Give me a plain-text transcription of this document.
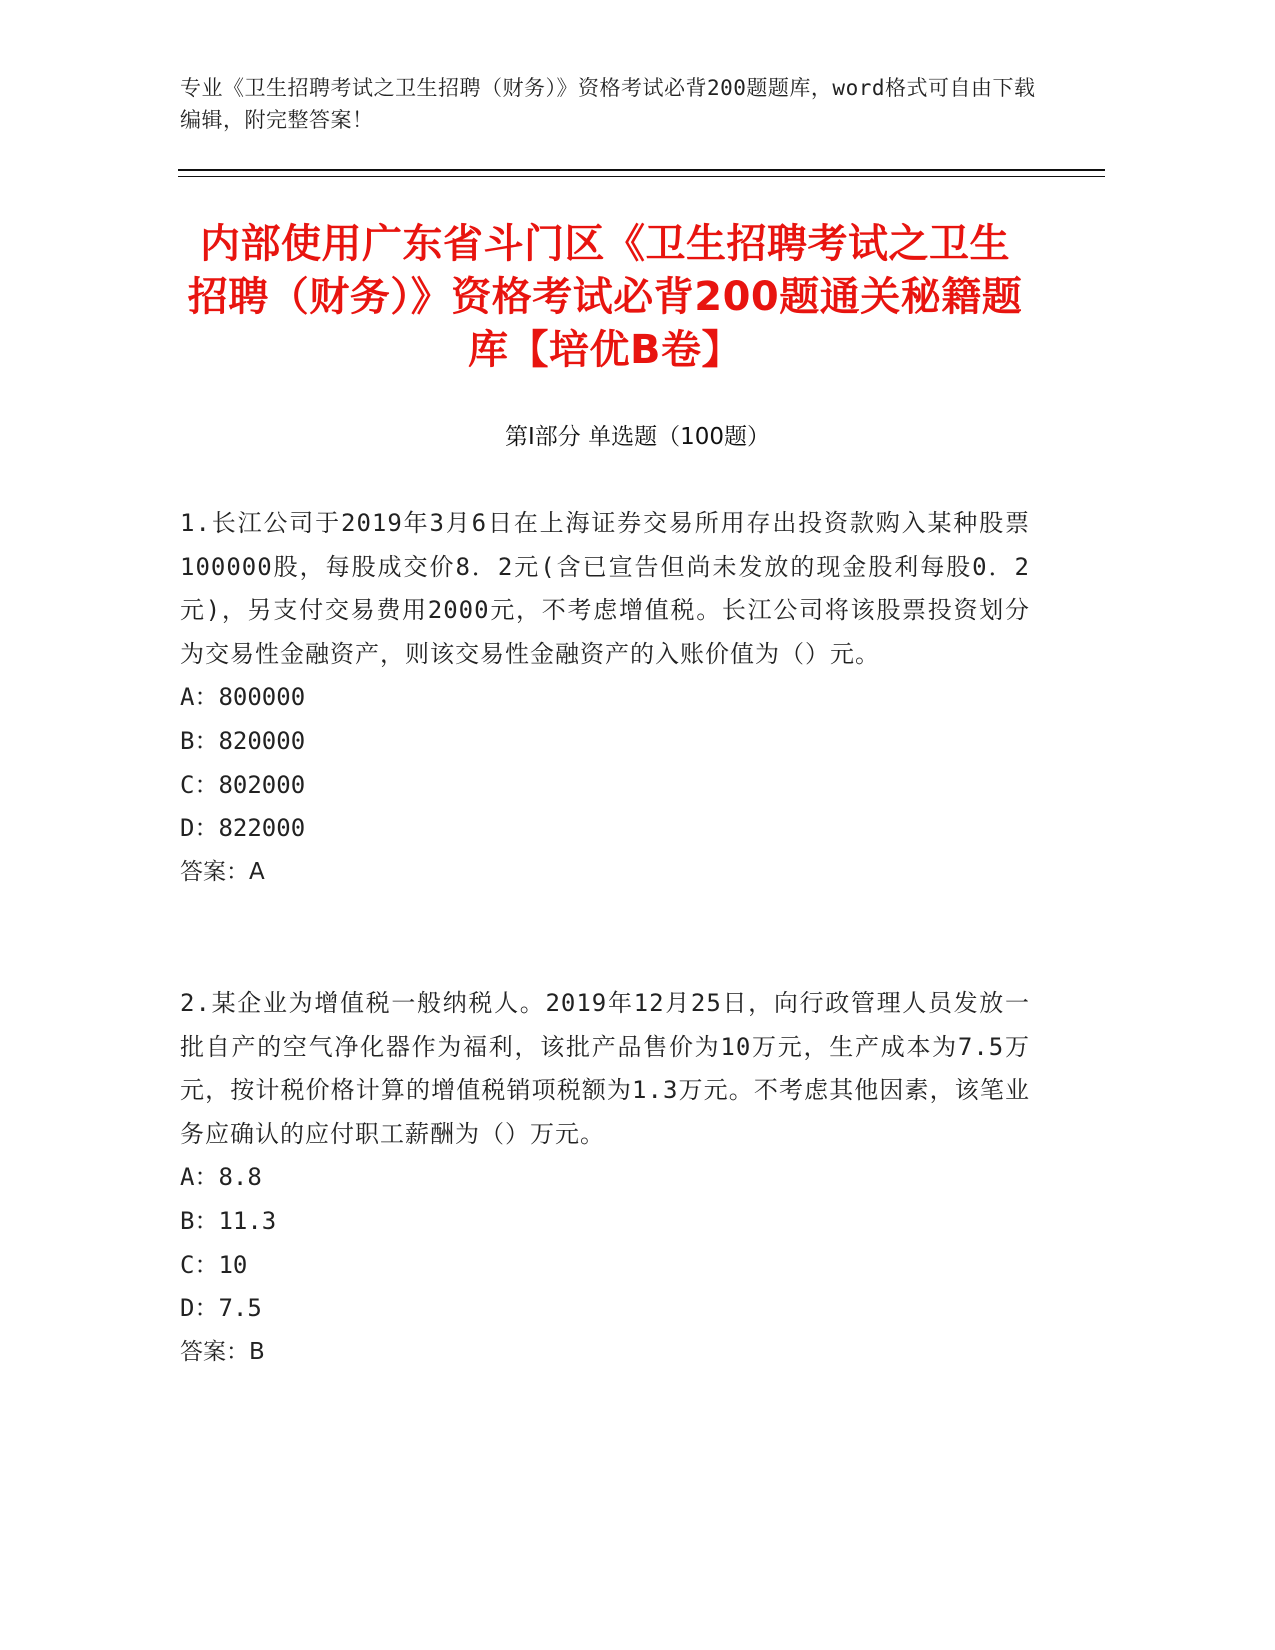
专业《卫生招聘考试之卫生招聘（财务）》资格考试必背200题题库，word格式可自由下载编辑，附完整答案！
内部使用广东省斗门区《卫生招聘考试之卫生招聘（财务）》资格考试必背200题通关秘籍题库【培优B卷】
第I部分 单选题（100题）

1.长江公司于2019年3月6日在上海证券交易所用存出投资款购入某种股票100000股，每股成交价8．2元(含已宣告但尚未发放的现金股利每股0．2元)，另支付交易费用2000元，不考虑增值税。长江公司将该股票投资划分为交易性金融资产，则该交易性金融资产的入账价值为（）元。

A：800000

B：820000

C：802000

D：822000

答案：A

2.某企业为增值税一般纳税人。2019年12月25日，向行政管理人员发放一批自产的空气净化器作为福利，该批产品售价为10万元，生产成本为7.5万元，按计税价格计算的增值税销项税额为1.3万元。不考虑其他因素，该笔业务应确认的应付职工薪酬为（）万元。

A：8.8

B：11.3

C：10

D：7.5

答案：B
